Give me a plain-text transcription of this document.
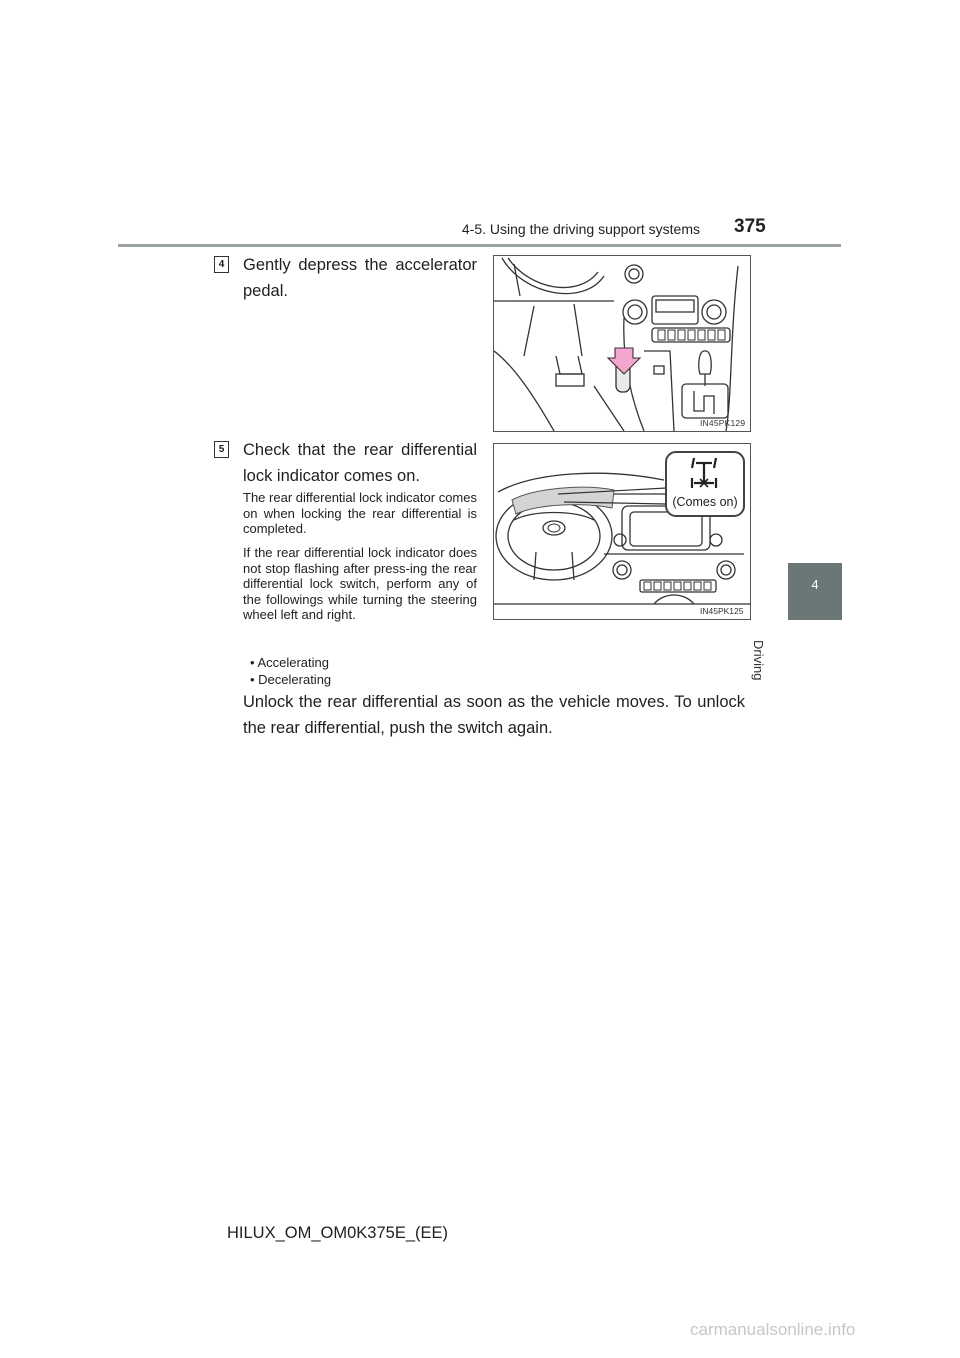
4-5. Using the driving support systems 375
4
Driving
4 Gently depress the accelerator pedal.
IN45PK129
5 Check that the rear differential lock indicator comes on.
The rear differential lock indicator comes on when locking the rear differential is completed.
If the rear differential lock indicator does not stop flashing after press-ing the rear differential lock switch, perform any of the followings while turning the steering wheel left and right.
• Accelerating
• Decelerating
(Comes on)
IN45PK125
Unlock the rear differential as soon as the vehicle moves. To unlock the rear differential, push the switch again.
HILUX_OM_OM0K375E_(EE)
carmanualsonline.info
